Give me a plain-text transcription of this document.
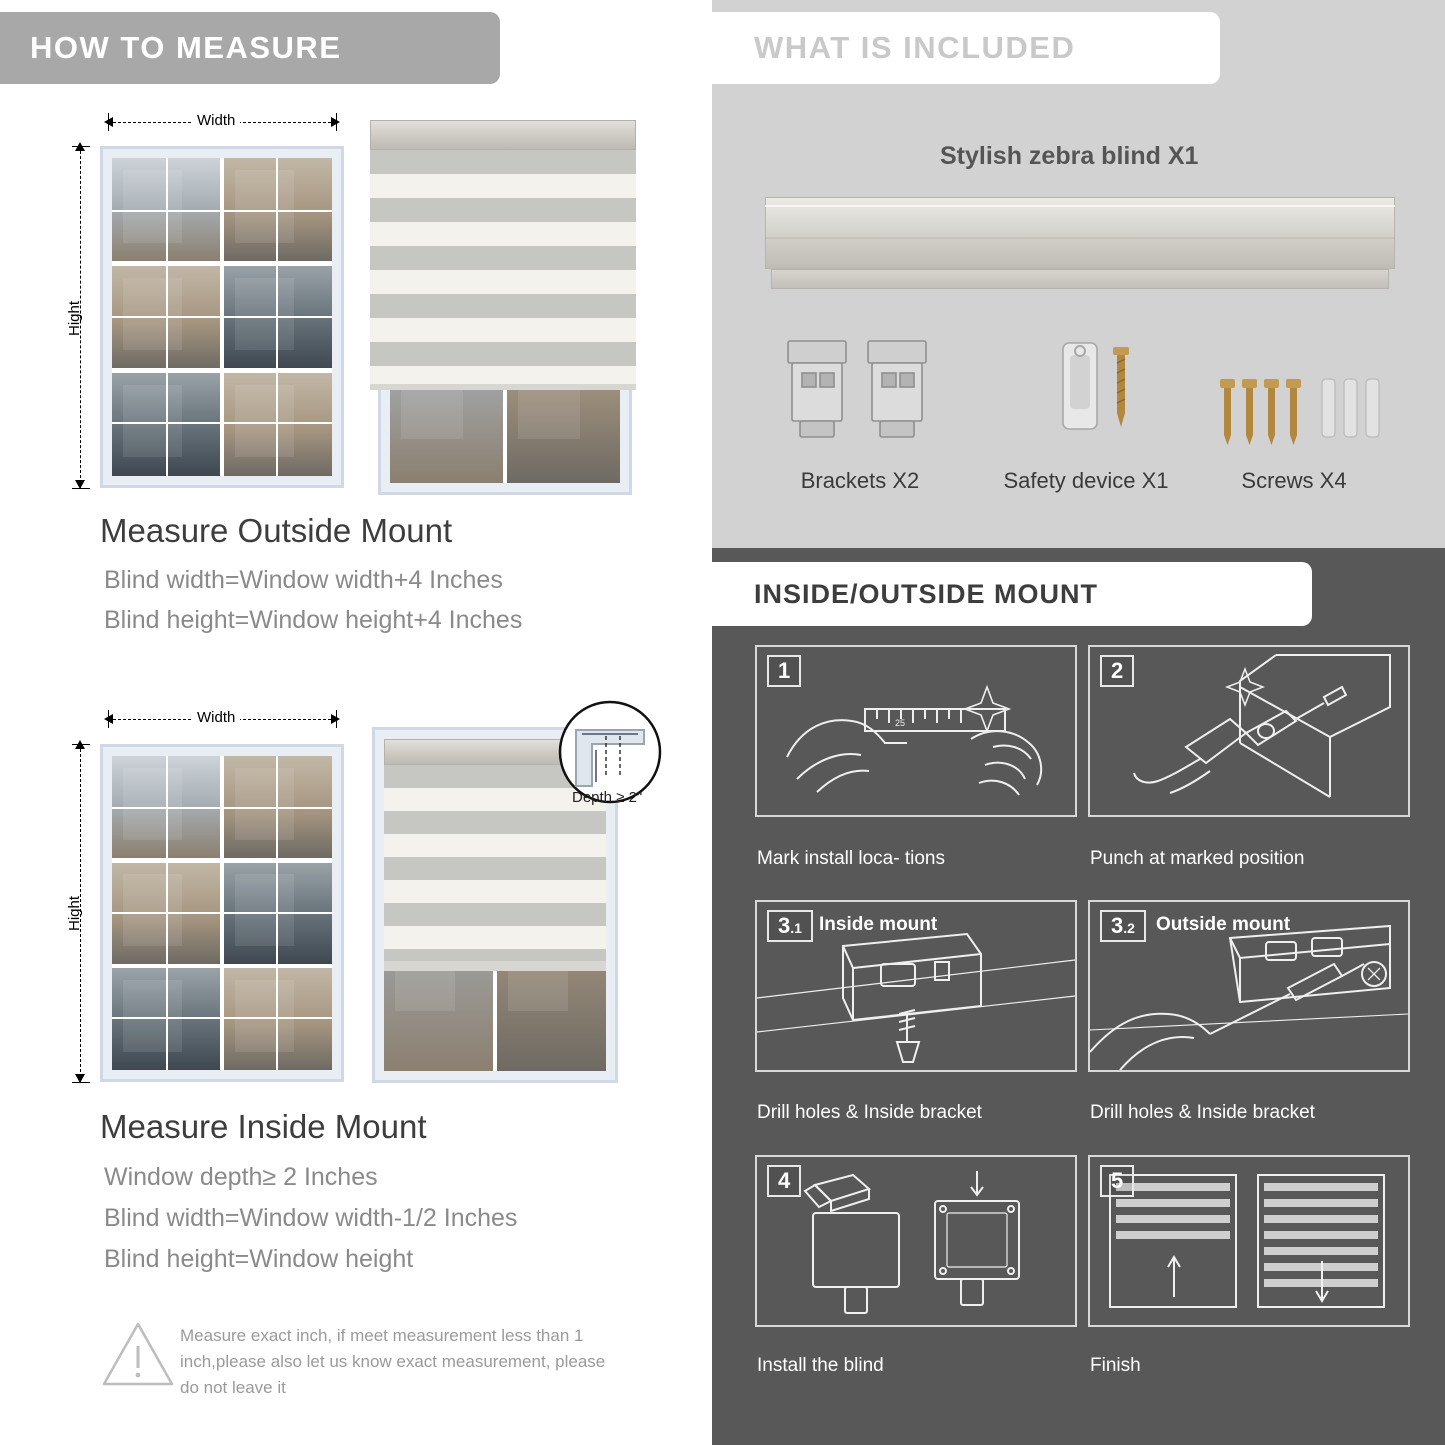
HOW TO MEASURE
Width
Hight
Measure Outside Mount
Blind width=Window width+4 Inches
Blind height=Window height+4 Inches
Width
Hight
Depth ≥ 2"
Measure Inside Mount
Window depth≥ 2 Inches
Blind width=Window width-1/2 Inches
Blind height=Window height
Measure exact inch, if meet measurement less than 1 inch,please also let us know exact measurement, please do not leave it
WHAT IS INCLUDED
Stylish zebra blind X1
Brackets X2	Safety device X1	Screws X4
INSIDE/OUTSIDE MOUNT
1
25
Mark install loca- tions
2
Punch at marked position
3.1 Inside mount
Drill holes & Inside bracket
3.2	Outside mount
Drill holes & Inside bracket
4
Install the blind
5
Finish
